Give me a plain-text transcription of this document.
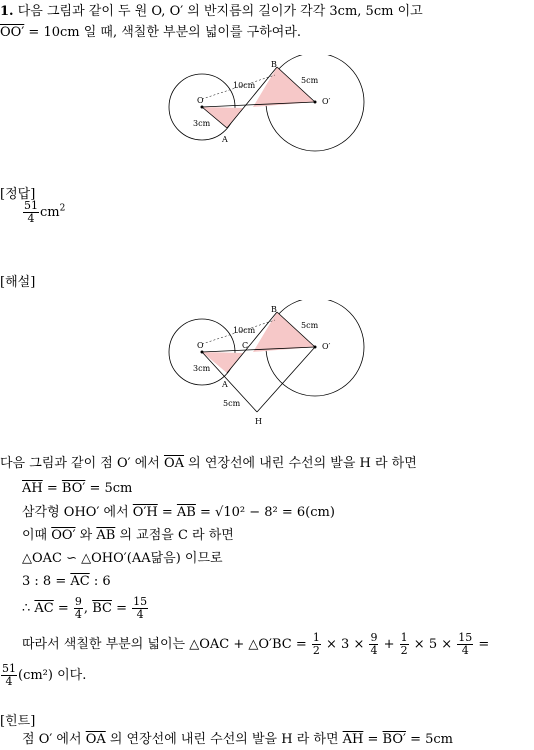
1. 다음 그림과 같이 두 원 O, O′ 의 반지름의 길이가 각각 3cm, 5cm 이고
OO′ = 10cm 일 때, 색칠한 부분의 넓이를 구하여라.
B
O	O′
A
10cm
3cm
5cm
[정답]
$\frac{51}{4} cm^2$
[해설]
B
O	O′
C
A
H
10cm
3cm
5cm
5cm
다음 그림과 같이 점 O′ 에서 $\overline{OA}$ 의 연장선에 내린 수선의 발을 H 라 하면
$\overline{AH} = BO' = 5cm$
삼각형 OHO′ 에서 $O'H = \overline{AB} = √10^2 - 8^2 = 6(cm)$
이때 OO′ 와 $\overline{AB}$ 의 교점을 C 라 하면
△OAC ∽ △OHO′(AA닮음) 이므로
3 : $8 = \overline{AC}$ : 6
∴ $\overline{AC} = \frac{9}{4}$ , $\overline{BC} = \frac{15}{4}$
따라서 색칠한 부분의 넓이는 △OAC + △O′BC = $\frac{1}{2} \times 3 \times \frac{9}{4} + \frac{1}{2} \times 5 \times \frac{15}{4}$ =
$\frac{51}{4} (cm^2)$ 이다.
[힌트]
점 O′ 에서 $\overline{OA}$ 의 연장선에 내린 수선의 발을 H 라 하면 $\overline{AH} = BO' = 5cm$
